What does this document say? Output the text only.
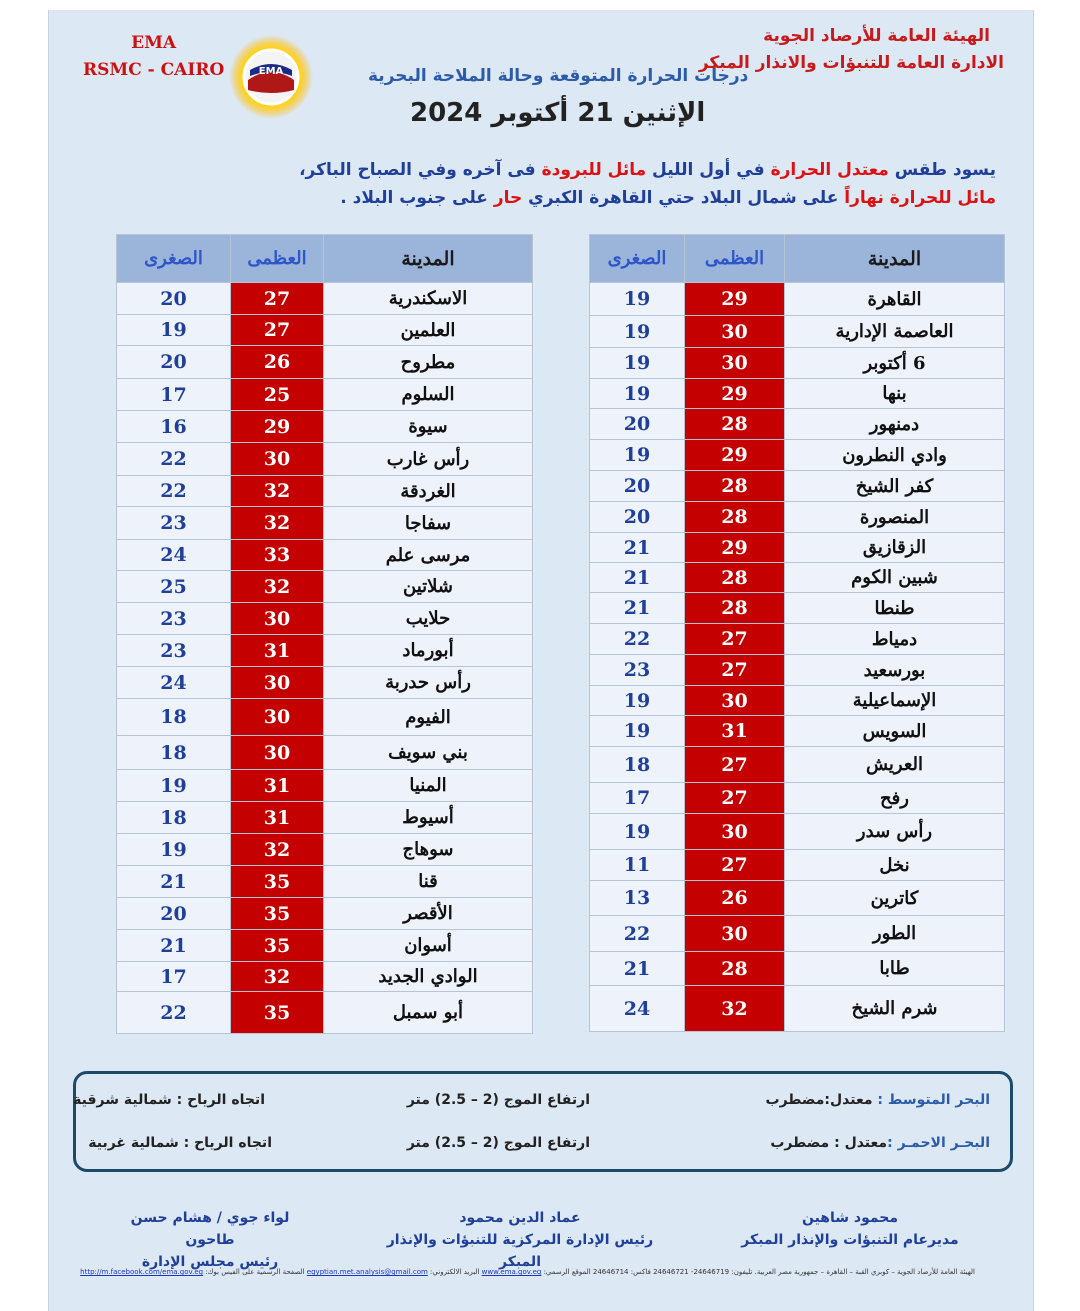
EMA
RSMC - CAIRO	EMA
الهيئة العامة للأرصاد الجوية
الادارة العامة للتنبؤات والانذار المبكر
درجات الحرارة المتوقعة وحالة الملاحة البحرية
الإثنين 21 أكتوبر 2024
يسود طقس معتدل الحرارة في أول الليل مائل للبرودة فى آخره وفي الصباح الباكر،
مائل للحرارة نهاراً على شمال البلاد حتي القاهرة الكبري حار على جنوب البلاد .
الصغرى	العظمى	المدينة
19	29	القاهرة
19	30	العاصمة الإدارية
19	30	6 أكتوبر
19	29	بنها
20	28	دمنهور
19	29	وادي النطرون
20	28	كفر الشيخ
20	28	المنصورة
21	29	الزقازيق
21	28	شبين الكوم
21	28	طنطا
22	27	دمياط
23	27	بورسعيد
19	30	الإسماعيلية
19	31	السويس
18	27	العريش
17	27	رفح
19	30	رأس سدر
11	27	نخل
13	26	كاترين
22	30	الطور
21	28	طابا
24	32	شرم الشيخ
الصغرى	العظمى	المدينة
20	27	الاسكندرية
19	27	العلمين
20	26	مطروح
17	25	السلوم
16	29	سيوة
22	30	رأس غارب
22	32	الغردقة
23	32	سفاجا
24	33	مرسى علم
25	32	شلاتين
23	30	حلايب
23	31	أبورماد
24	30	رأس حدربة
18	30	الفيوم
18	30	بني سويف
19	31	المنيا
18	31	أسيوط
19	32	سوهاج
21	35	قنا
20	35	الأقصر
21	35	أسوان
17	32	الوادي الجديد
22	35	أبو سمبل
البحر المتوسط : معتدل:مضطرب
ارتفاع الموج (2 – 2.5) متر
اتجاه الرياح : شمالية شرقية
البحـر الاحمـر :معتدل : مضطرب
ارتفاع الموج (2 – 2.5) متر
اتجاه الرياح : شمالية غربية
محمود شاهين
مديرعام التنبؤات والإنذار المبكر
عماد الدين محمود
رئيس الإدارة المركزية للتنبؤات والإنذار المبكر
لواء جوي / هشام حسن طاحون
رئيس مجلس الإدارة
الهيئة العامة للأرصاد الجوية – كوبري القبة – القاهرة – جمهورية مصر العربية. تليفون: 24646719- 24646721 فاكس: 24646714 الموقع الرسمي: www.ema.gov.eg البريد الالكتروني: egyptian.met.analysis@gmail.com الصفحة الرسمية على الفيس بوك: http://m.facebook.com/ema.gov.eg
